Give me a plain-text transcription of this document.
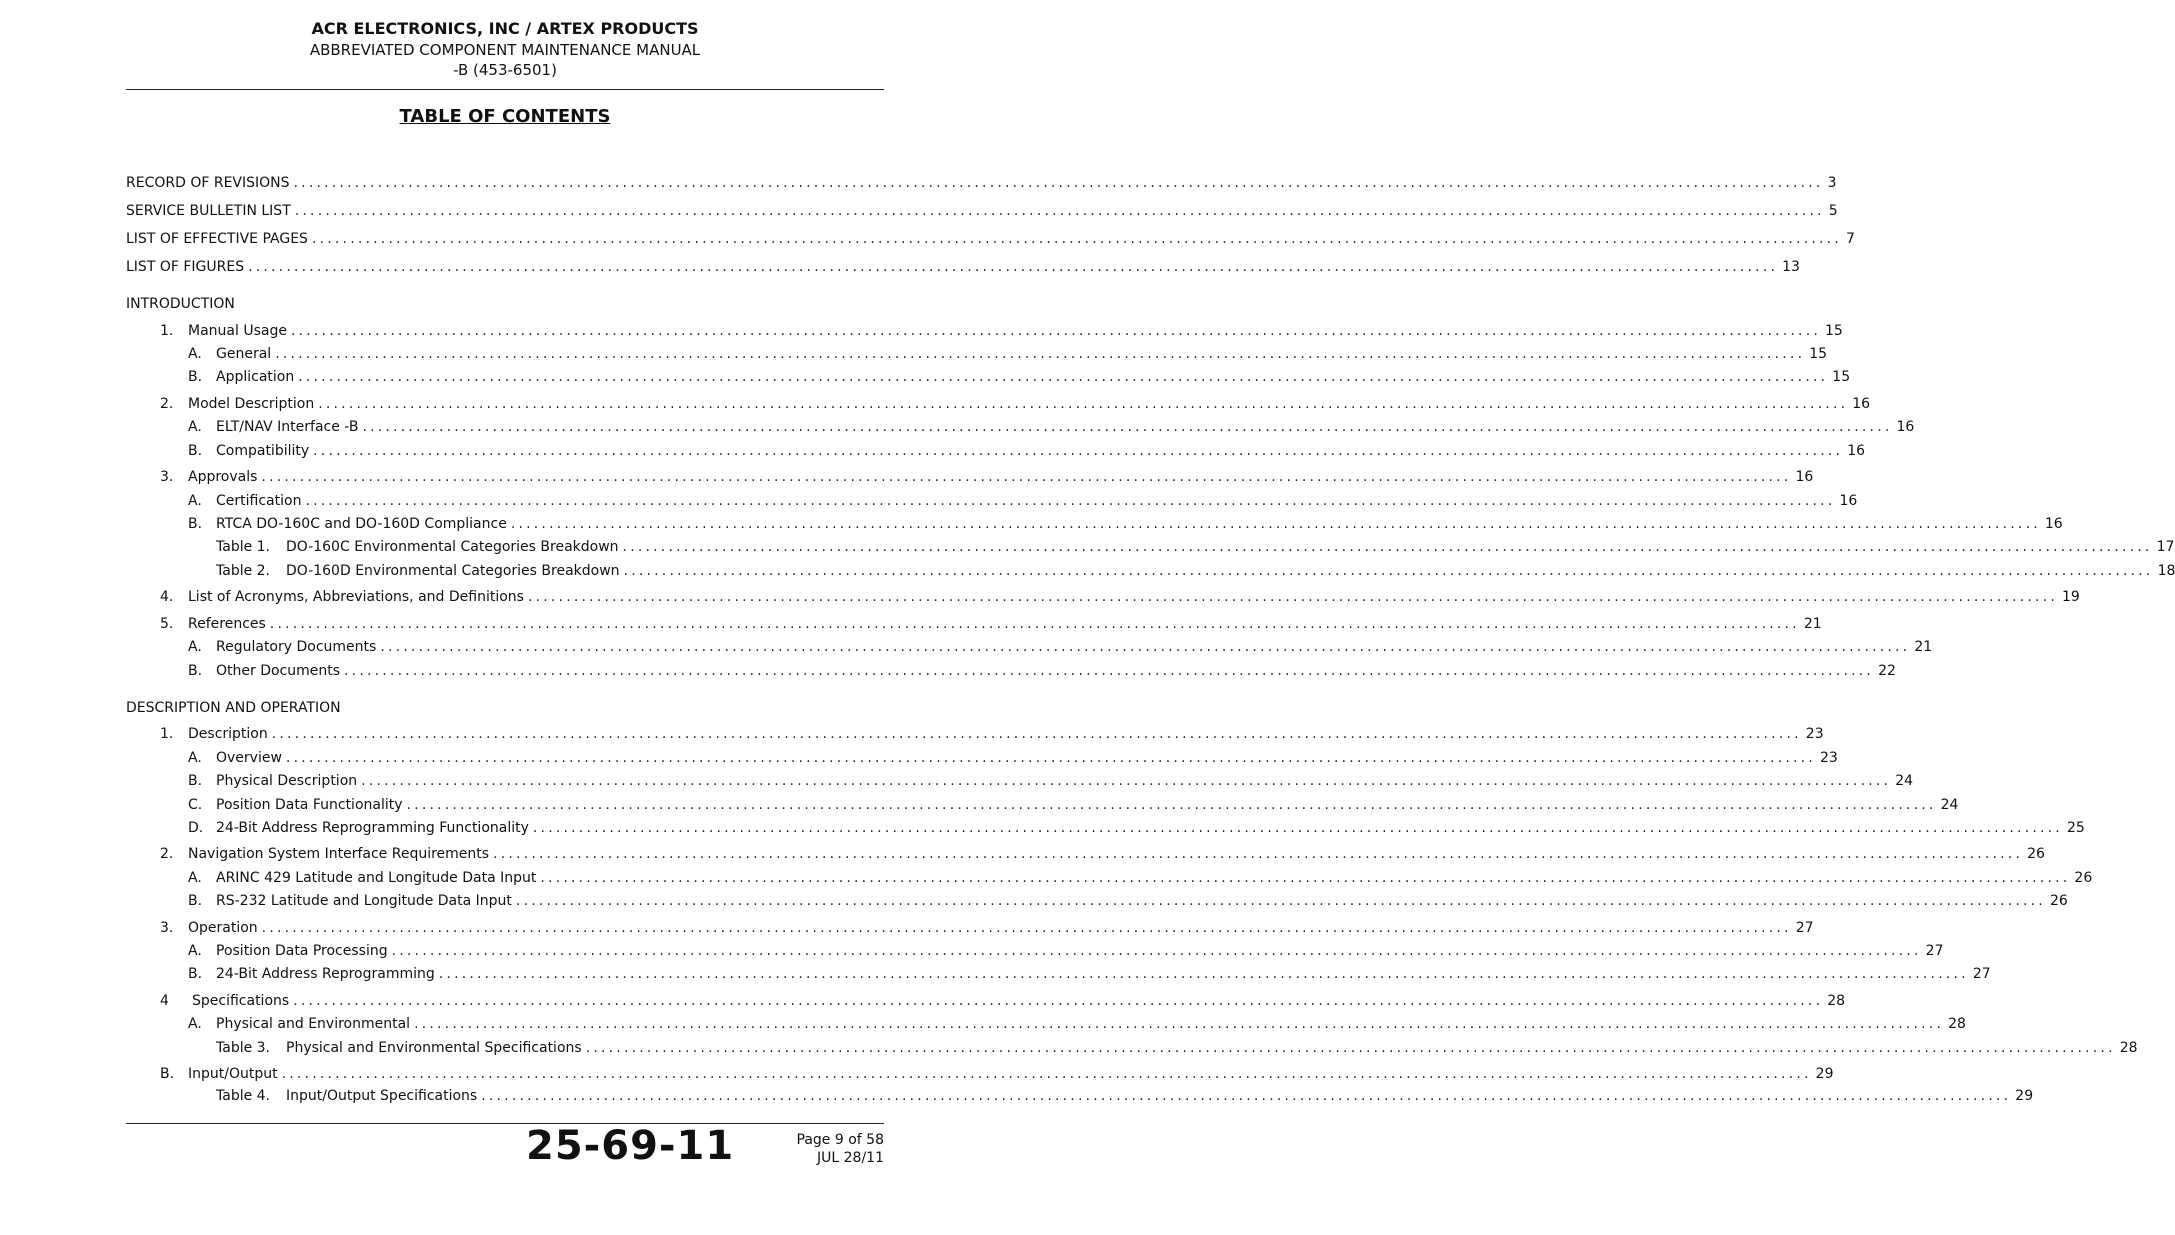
ACR ELECTRONICS, INC / ARTEX PRODUCTS
ABBREVIATED COMPONENT MAINTENANCE MANUAL
-B (453-6501)
TABLE OF CONTENTS
RECORD OF REVISIONS ........................................................................................................................................................................................................ 3
SERVICE BULLETIN LIST ........................................................................................................................................................................................................ 5
LIST OF EFFECTIVE PAGES ........................................................................................................................................................................................................ 7
LIST OF FIGURES ........................................................................................................................................................................................................ 13
INTRODUCTION
1.	Manual Usage ........................................................................................................................................................................................................ 15
A.	General ........................................................................................................................................................................................................ 15
B. Application ........................................................................................................................................................................................................ 15
2.	Model Description ........................................................................................................................................................................................................ 16
A.	ELT/NAV Interface -B ........................................................................................................................................................................................................ 16
B. Compatibility ........................................................................................................................................................................................................ 16
3.	Approvals ........................................................................................................................................................................................................ 16
A.	Certification ........................................................................................................................................................................................................ 16
B. RTCA DO-160C and DO-160D Compliance ........................................................................................................................................................................................................ 16
Table 1.	DO-160C Environmental Categories Breakdown ........................................................................................................................................................................................................ 17
Table 2.	DO-160D Environmental Categories Breakdown ........................................................................................................................................................................................................ 18
4.	List of Acronyms, Abbreviations, and Definitions ........................................................................................................................................................................................................ 19
5.	References ........................................................................................................................................................................................................ 21
A.	Regulatory Documents ........................................................................................................................................................................................................ 21
B. Other Documents ........................................................................................................................................................................................................ 22
DESCRIPTION AND OPERATION
1.	Description ........................................................................................................................................................................................................ 23
A.	Overview ........................................................................................................................................................................................................ 23
B. Physical Description ........................................................................................................................................................................................................ 24
C. Position Data Functionality ........................................................................................................................................................................................................ 24
D. 24-Bit Address Reprogramming Functionality ........................................................................................................................................................................................................ 25
2.	Navigation System Interface Requirements ........................................................................................................................................................................................................ 26
A.	ARINC 429 Latitude and Longitude Data Input ........................................................................................................................................................................................................ 26
B. RS-232 Latitude and Longitude Data Input ........................................................................................................................................................................................................ 26
3.	Operation ........................................................................................................................................................................................................ 27
A.	Position Data Processing ........................................................................................................................................................................................................ 27
B. 24-Bit Address Reprogramming ........................................................................................................................................................................................................ 27
4	Specifications ........................................................................................................................................................................................................ 28
A.	Physical and Environmental ........................................................................................................................................................................................................ 28
Table 3.	Physical and Environmental Specifications ........................................................................................................................................................................................................ 28
B. Input/Output ........................................................................................................................................................................................................ 29
Table 4.	Input/Output Specifications ........................................................................................................................................................................................................ 29
25-69-11	Page 9 of 58
JUL 28/11
